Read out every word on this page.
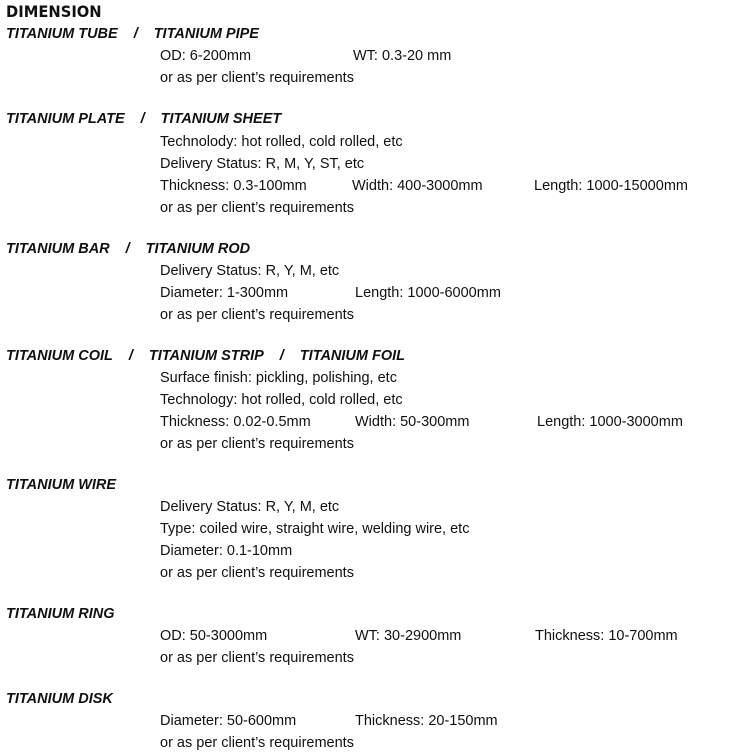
DIMENSION
TITANIUM TUBE / TITANIUM PIPE
OD: 6-200mm	WT: 0.3-20 mm
or as per client’s requirements
TITANIUM PLATE / TITANIUM SHEET
Technolody: hot rolled, cold rolled, etc
Delivery Status: R, M, Y, ST, etc
Thickness: 0.3-100mm	Width: 400-3000mm	Length: 1000-15000mm
or as per client’s requirements
TITANIUM BAR / TITANIUM ROD
Delivery Status: R, Y, M, etc
Diameter: 1-300mm	Length: 1000-6000mm
or as per client’s requirements
TITANIUM COIL / TITANIUM STRIP / TITANIUM FOIL
Surface finish: pickling, polishing, etc
Technology: hot rolled, cold rolled, etc
Thickness: 0.02-0.5mm	Width: 50-300mm	Length: 1000-3000mm
or as per client’s requirements
TITANIUM WIRE
Delivery Status: R, Y, M, etc
Type: coiled wire, straight wire, welding wire, etc
Diameter: 0.1-10mm
or as per client’s requirements
TITANIUM RING
OD: 50-3000mm	WT: 30-2900mm	Thickness: 10-700mm
or as per client’s requirements
TITANIUM DISK
Diameter: 50-600mm	Thickness: 20-150mm
or as per client’s requirements
